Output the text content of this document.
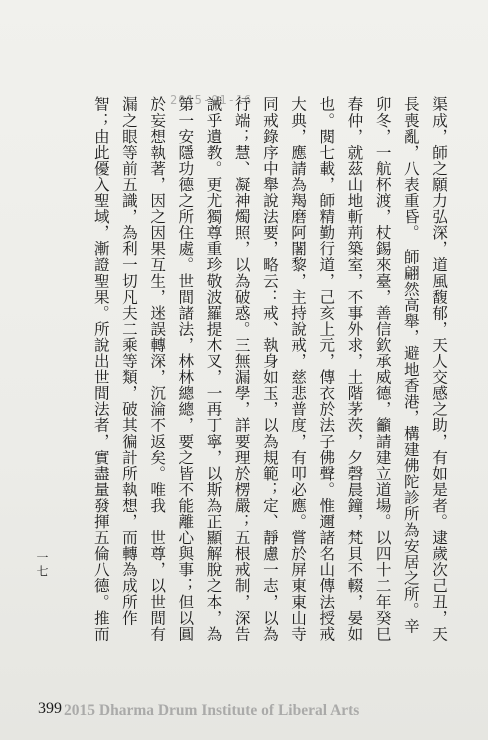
2015-01-16	渠成，師之願力弘深，道風馥郁，天人交感之助，有如是者。逮歲次己丑，天
長喪亂，八表重昏。　師翩然高舉，避地香港，構建佛陀診所為安居之所。辛
卯冬，一航杯渡，杖錫來臺，善信欽承威德，籲請建立道場。以四十二年癸巳
春仲，就茲山地斬荊築室，不事外求，土階茅茨，夕磬晨鐘，梵貝不輟，晏如
也。閱七載，師精勤行道，己亥上元，傳衣於法子佛聲。惟邇諸名山傳法授戒
大典，應請為羯磨阿闍黎，主持說戒，慈悲普度，有叩必應。嘗於屏東東山寺
同戒錄序中舉說法要，略云：戒、執身如玉，以為規範；定、靜慮一志，以為
行端；慧、凝神燭照，以為破惑。三無漏學，詳要理於楞嚴；五根戒制，深告
誡乎遺教。更尤獨尊重珍敬波羅提木叉，一再丁寧，以斯為正顯解脫之本，為
第一安隱功德之所住處。世間諸法，林林總總，要之皆不能離心與事；但以圓
於妄想執著，因之因果互生，迷誤轉深，沉淪不返矣。唯我　世尊，以世間有
漏之眼等前五識，為利一切凡夫二乘等類，破其徧計所執想，而轉為成所作
智；由此優入聖域，漸證聖果。所說出世間法者，實盡量發揮五倫八德。推而
一七
399 2015 Dharma Drum Institute of Liberal Arts
